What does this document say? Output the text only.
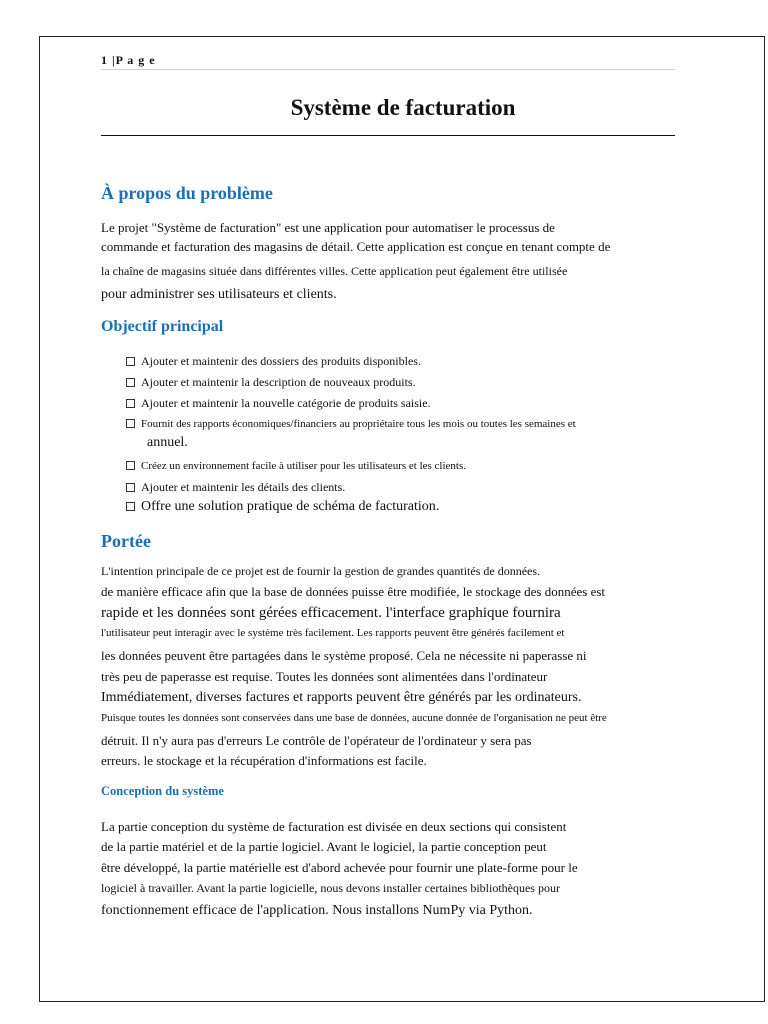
1 |P a g e
Système de facturation
À propos du problème
Le projet "Système de facturation" est une application pour automatiser le processus de
commande et facturation des magasins de détail. Cette application est conçue en tenant compte de
la chaîne de magasins située dans différentes villes. Cette application peut également être utilisée
pour administrer ses utilisateurs et clients.
Objectif principal
Ajouter et maintenir des dossiers des produits disponibles.
Ajouter et maintenir la description de nouveaux produits.
Ajouter et maintenir la nouvelle catégorie de produits saisie.
Fournit des rapports économiques/financiers au propriétaire tous les mois ou toutes les semaines et
annuel.
Créez un environnement facile à utiliser pour les utilisateurs et les clients.
Ajouter et maintenir les détails des clients.
Offre une solution pratique de schéma de facturation.
Portée
L'intention principale de ce projet est de fournir la gestion de grandes quantités de données.
de manière efficace afin que la base de données puisse être modifiée, le stockage des données est
rapide et les données sont gérées efficacement. l'interface graphique fournira
l'utilisateur peut interagir avec le système très facilement. Les rapports peuvent être générés facilement et
les données peuvent être partagées dans le système proposé. Cela ne nécessite ni paperasse ni
très peu de paperasse est requise. Toutes les données sont alimentées dans l'ordinateur
Immédiatement, diverses factures et rapports peuvent être générés par les ordinateurs.
Puisque toutes les données sont conservées dans une base de données, aucune donnée de l'organisation ne peut être
détruit. Il n'y aura pas d'erreurs Le contrôle de l'opérateur de l'ordinateur y sera pas
erreurs. le stockage et la récupération d'informations est facile.
Conception du système
La partie conception du système de facturation est divisée en deux sections qui consistent
de la partie matériel et de la partie logiciel. Avant le logiciel, la partie conception peut
être développé, la partie matérielle est d'abord achevée pour fournir une plate-forme pour le
logiciel à travailler. Avant la partie logicielle, nous devons installer certaines bibliothèques pour
fonctionnement efficace de l'application. Nous installons NumPy via Python.
